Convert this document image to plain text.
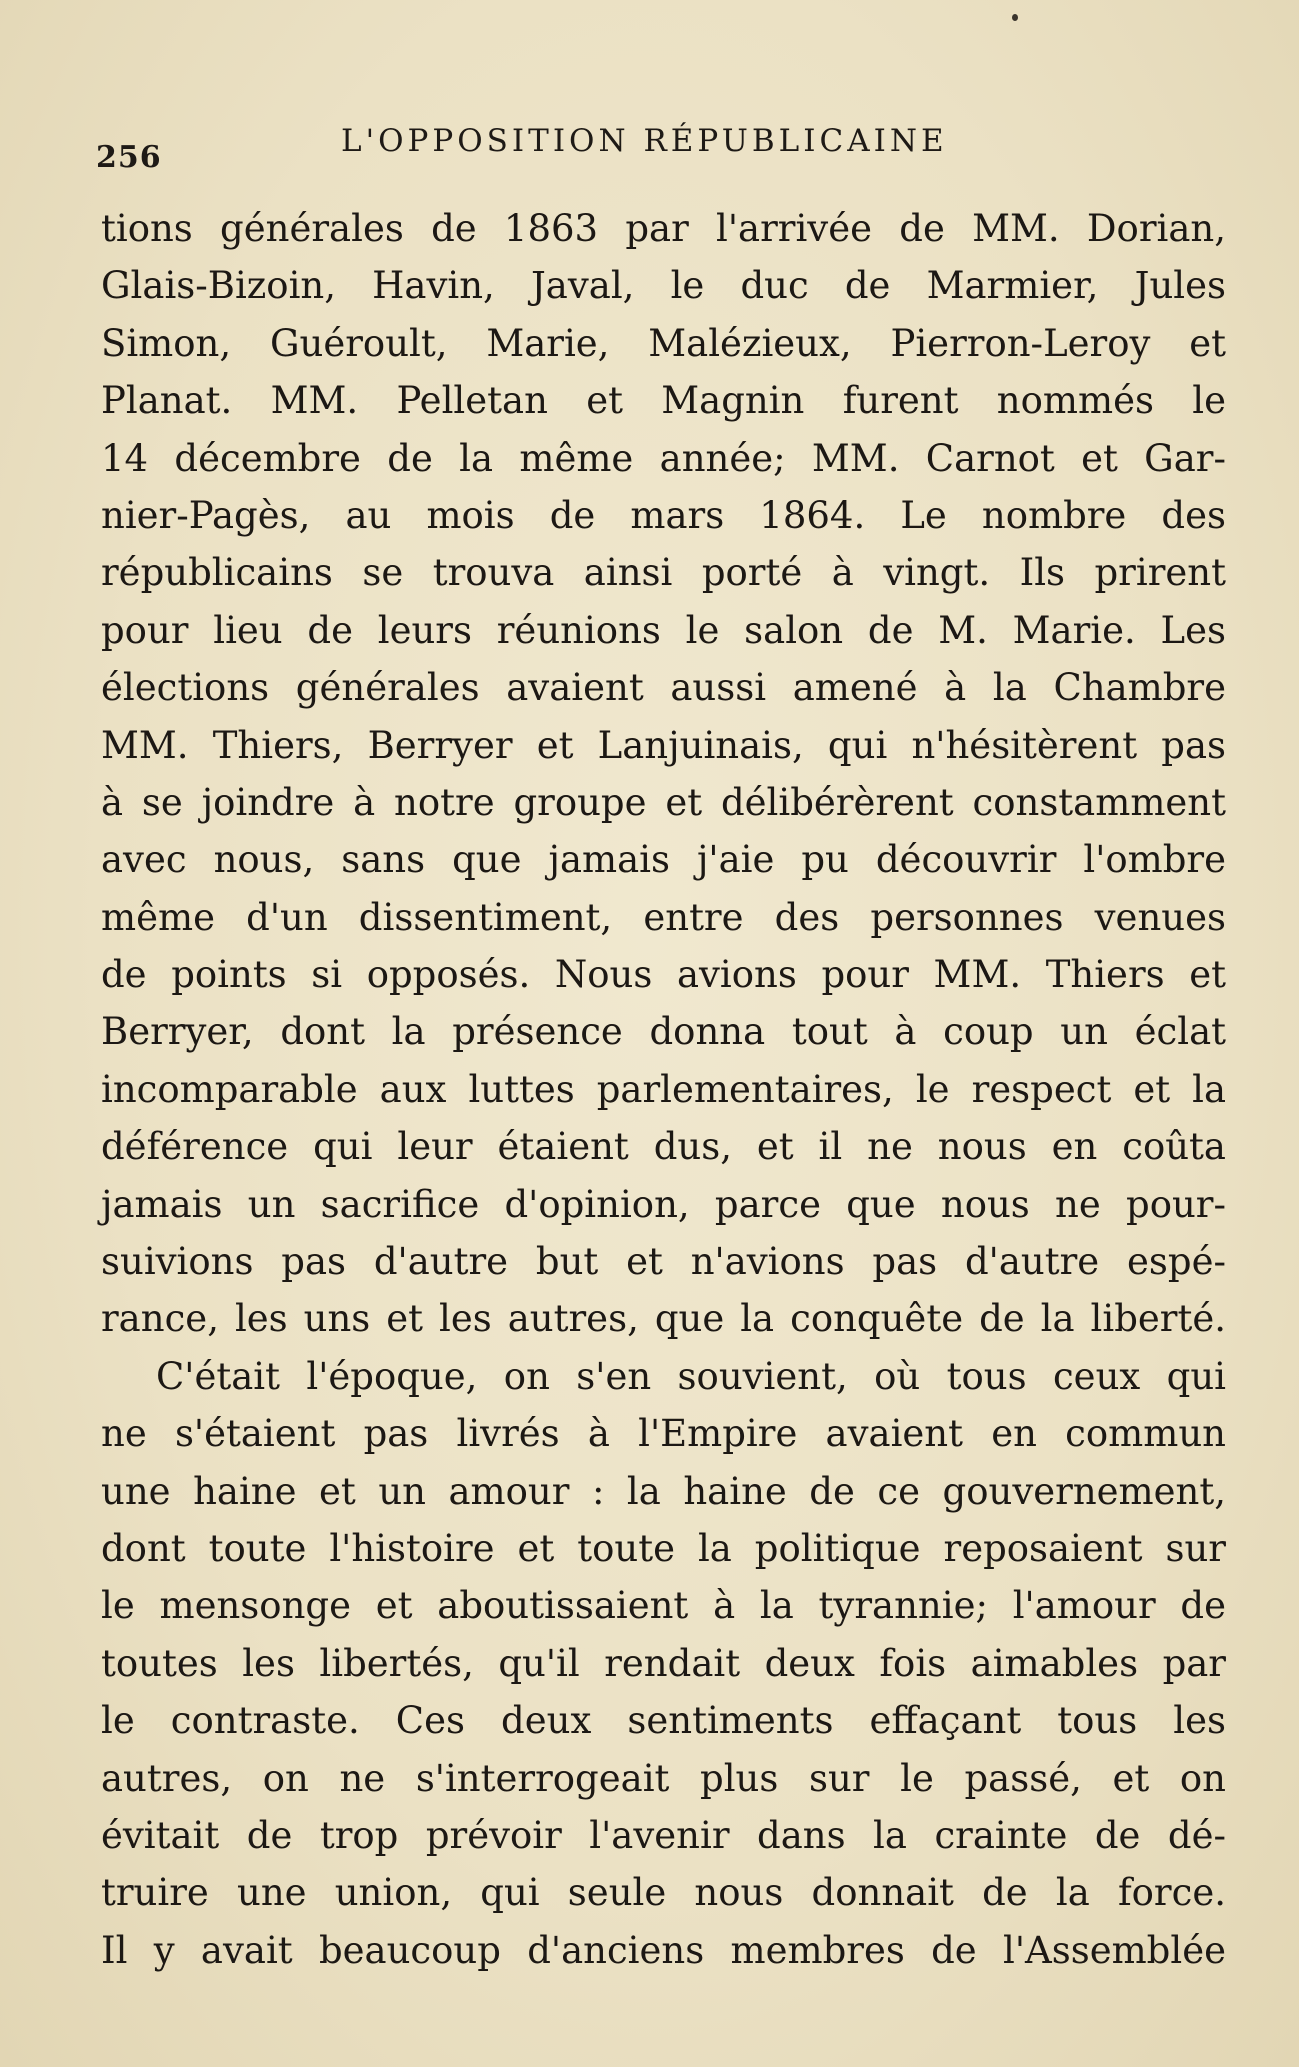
256	L'OPPOSITION RÉPUBLICAINE
tions générales de 1863 par l'arrivée de MM. Dorian,
Glais-Bizoin, Havin, Javal, le duc de Marmier, Jules
Simon, Guéroult, Marie, Malézieux, Pierron-Leroy et
Planat. MM. Pelletan et Magnin furent nommés le
14 décembre de la même année; MM. Carnot et Gar-
nier-Pagès, au mois de mars 1864. Le nombre des
républicains se trouva ainsi porté à vingt. Ils prirent
pour lieu de leurs réunions le salon de M. Marie. Les
élections générales avaient aussi amené à la Chambre
MM. Thiers, Berryer et Lanjuinais, qui n'hésitèrent pas
à se joindre à notre groupe et délibérèrent constamment
avec nous, sans que jamais j'aie pu découvrir l'ombre
même d'un dissentiment, entre des personnes venues
de points si opposés. Nous avions pour MM. Thiers et
Berryer, dont la présence donna tout à coup un éclat
incomparable aux luttes parlementaires, le respect et la
déférence qui leur étaient dus, et il ne nous en coûta
jamais un sacrifice d'opinion, parce que nous ne pour-
suivions pas d'autre but et n'avions pas d'autre espé-
rance, les uns et les autres, que la conquête de la liberté.
C'était l'époque, on s'en souvient, où tous ceux qui
ne s'étaient pas livrés à l'Empire avaient en commun
une haine et un amour : la haine de ce gouvernement,
dont toute l'histoire et toute la politique reposaient sur
le mensonge et aboutissaient à la tyrannie; l'amour de
toutes les libertés, qu'il rendait deux fois aimables par
le contraste. Ces deux sentiments effaçant tous les
autres, on ne s'interrogeait plus sur le passé, et on
évitait de trop prévoir l'avenir dans la crainte de dé-
truire une union, qui seule nous donnait de la force.
Il y avait beaucoup d'anciens membres de l'Assemblée
